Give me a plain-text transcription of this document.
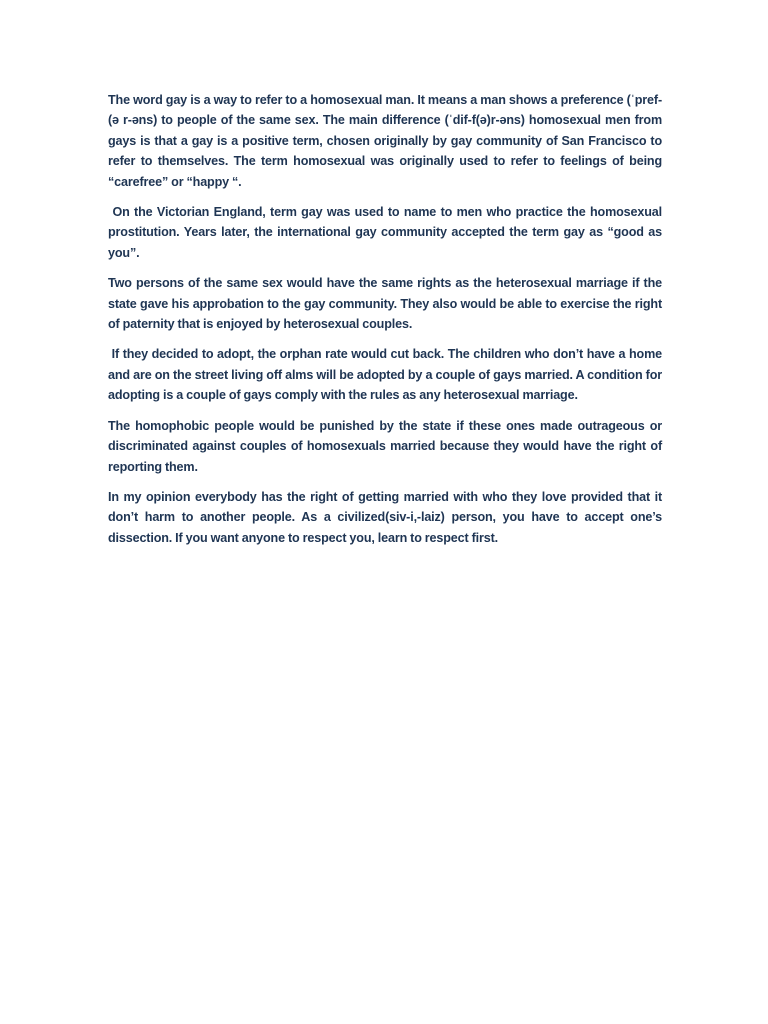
The word gay is a way to refer to a homosexual man. It means a man shows a preference (ˈpref-(ə r-əns) to people of the same sex. The main difference (ˈdif-f(ə)r-əns) homosexual men from gays is that a gay is a positive term, chosen originally by gay community of San Francisco to refer to themselves. The term homosexual was originally used to refer to feelings of being “carefree” or “happy “.

On the Victorian England, term gay was used to name to men who practice the homosexual prostitution. Years later, the international gay community accepted the term gay as “good as you”.

Two persons of the same sex would have the same rights as the heterosexual marriage if the state gave his approbation to the gay community. They also would be able to exercise the right of paternity that is enjoyed by heterosexual couples.

If they decided to adopt, the orphan rate would cut back. The children who don’t have a home and are on the street living off alms will be adopted by a couple of gays married. A condition for adopting is a couple of gays comply with the rules as any heterosexual marriage.

The homophobic people would be punished by the state if these ones made outrageous or discriminated against couples of homosexuals married because they would have the right of reporting them.

In my opinion everybody has the right of getting married with who they love provided that it don’t harm to another people. As a civilized(siv-i,-laiz) person, you have to accept one’s dissection. If you want anyone to respect you, learn to respect first.
